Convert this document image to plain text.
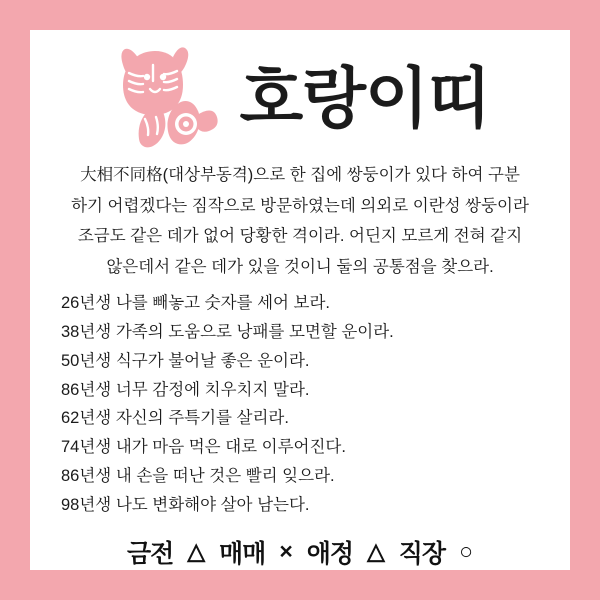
호랑이띠

大相不同格(대상부동격)으로 한 집에 쌍둥이가 있다 하여 구분

하기 어렵겠다는 짐작으로 방문하였는데 의외로 이란성 쌍둥이라

조금도 같은 데가 없어 당황한 격이라. 어딘지 모르게 전혀 같지

않은데서 같은 데가 있을 것이니 둘의 공통점을 찾으라.

26년생 나를 빼놓고 숫자를 세어 보라.
38년생 가족의 도움으로 낭패를 모면할 운이라.
50년생 식구가 불어날 좋은 운이라.
86년생 너무 감정에 치우치지 말라.
62년생 자신의 주특기를 살리라.
74년생 내가 마음 먹은 대로 이루어진다.
86년생 내 손을 떠난 것은 빨리 잊으라.
98년생 나도 변화해야 살아 남는다.
금전 △ 매매 × 애정 △ 직장 ○
